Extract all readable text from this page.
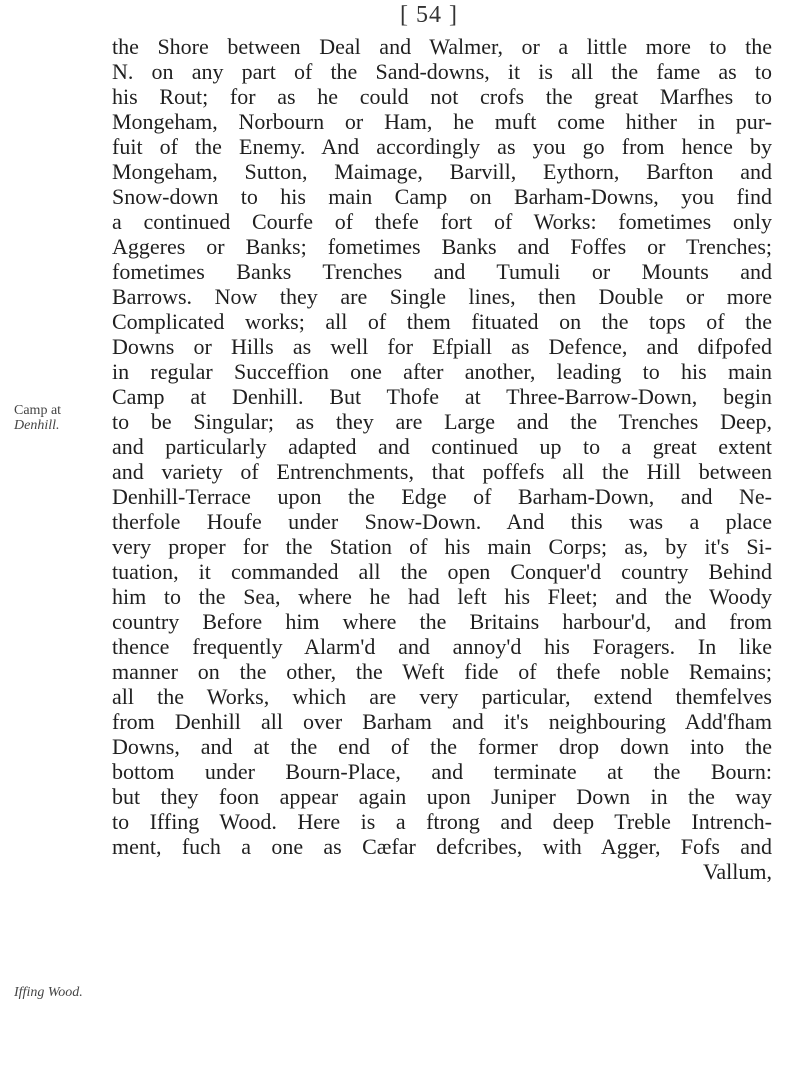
[ 54 ]
Camp at
Denhill.
Iffing Wood.
the Shore between Deal and Walmer, or a little more to the
N. on any part of the Sand-downs, it is all the fame as to
his Rout; for as he could not crofs the great Marfhes to
Mongeham, Norbourn or Ham, he muft come hither in pur-
fuit of the Enemy. And accordingly as you go from hence by
Mongeham, Sutton, Maimage, Barvill, Eythorn, Barfton and
Snow-down to his main Camp on Barham-Downs, you find
a continued Courfe of thefe fort of Works: fometimes only
Aggeres or Banks; fometimes Banks and Foffes or Trenches;
fometimes Banks Trenches and Tumuli or Mounts and
Barrows. Now they are Single lines, then Double or more
Complicated works; all of them fituated on the tops of the
Downs or Hills as well for Efpiall as Defence, and difpofed
in regular Succeffion one after another, leading to his main
Camp at Denhill. But Thofe at Three-Barrow-Down, begin
to be Singular; as they are Large and the Trenches Deep,
and particularly adapted and continued up to a great extent
and variety of Entrenchments, that poffefs all the Hill between
Denhill-Terrace upon the Edge of Barham-Down, and Ne-
therfole Houfe under Snow-Down. And this was a place
very proper for the Station of his main Corps; as, by it's Si-
tuation, it commanded all the open Conquer'd country Behind
him to the Sea, where he had left his Fleet; and the Woody
country Before him where the Britains harbour'd, and from
thence frequently Alarm'd and annoy'd his Foragers. In like
manner on the other, the Weft fide of thefe noble Remains;
all the Works, which are very particular, extend themfelves
from Denhill all over Barham and it's neighbouring Add'fham
Downs, and at the end of the former drop down into the
bottom under Bourn-Place, and terminate at the Bourn:
but they foon appear again upon Juniper Down in the way
to Iffing Wood. Here is a ftrong and deep Treble Intrench-
ment, fuch a one as Cæfar defcribes, with Agger, Fofs and
Vallum,
